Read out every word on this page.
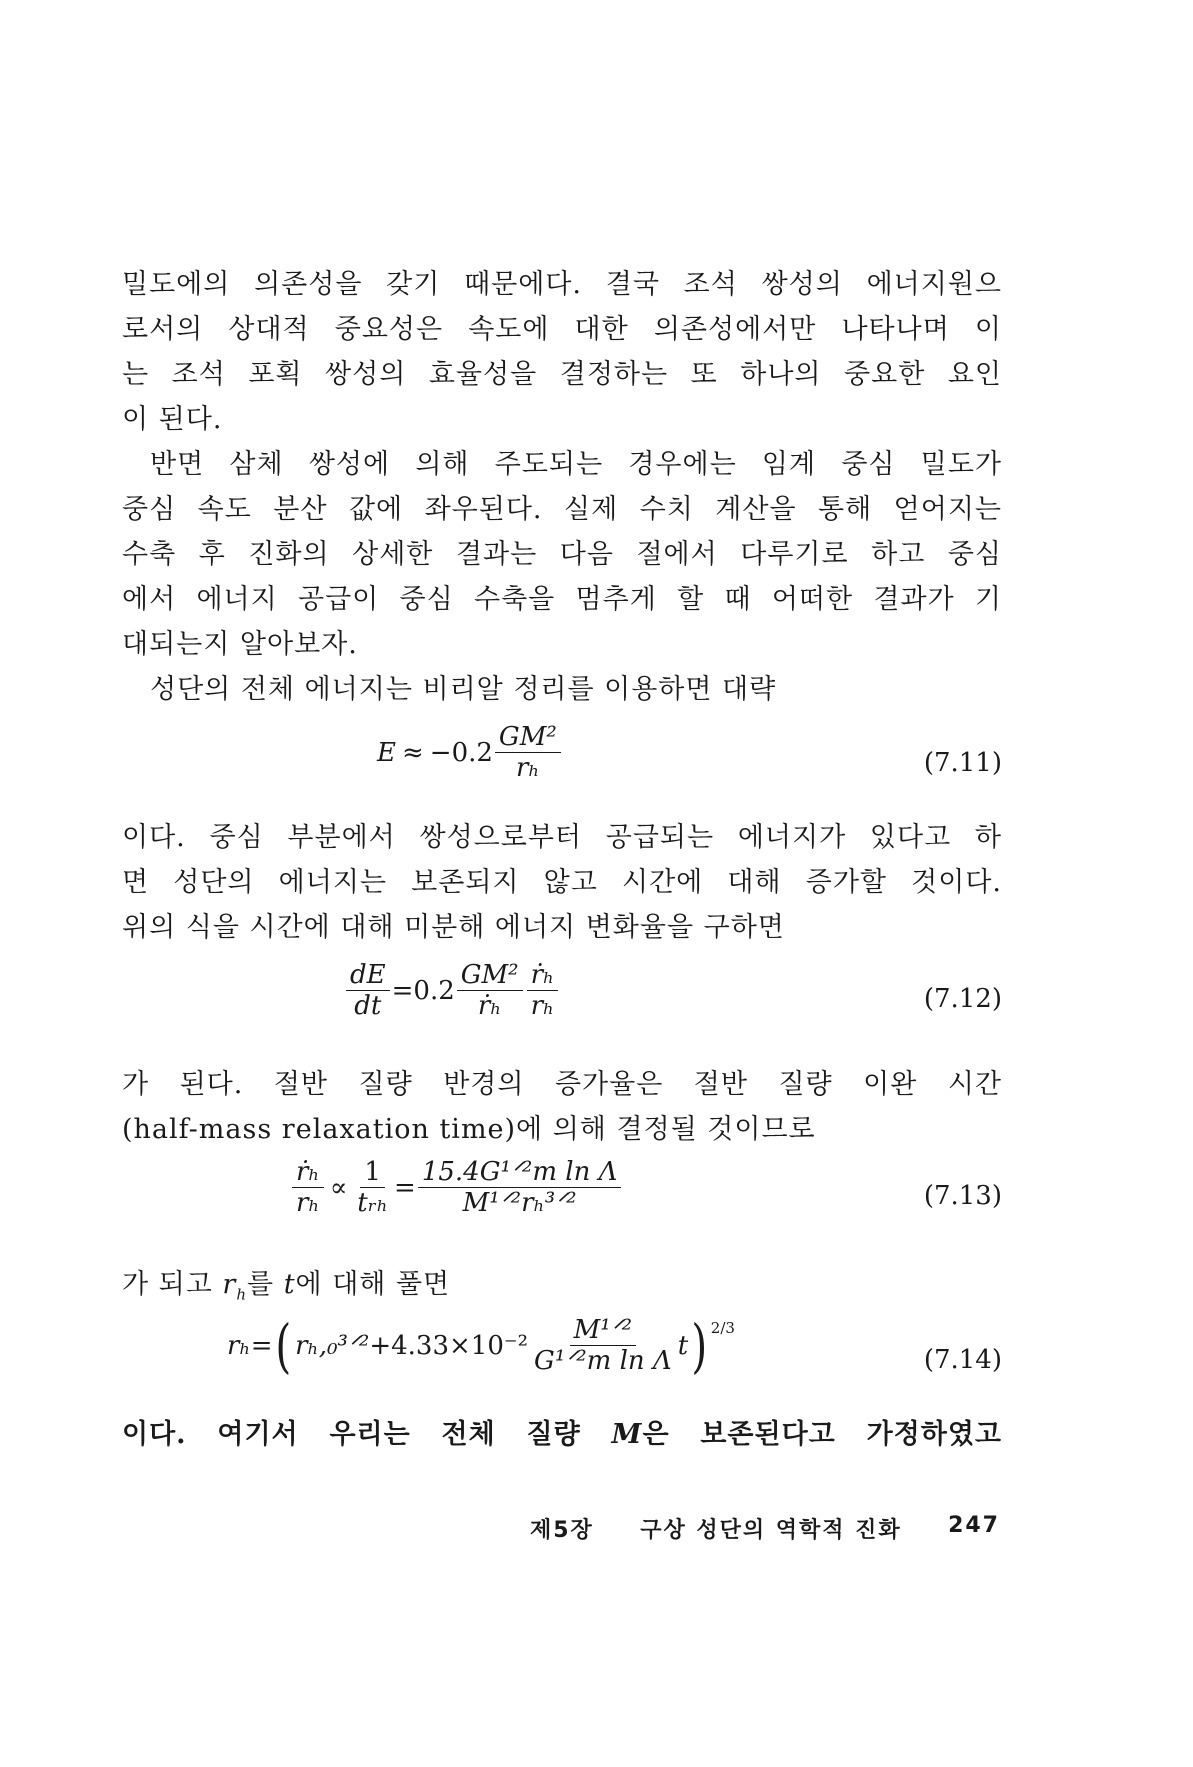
밀도에의 의존성을 갖기 때문에다. 결국 조석 쌍성의 에너지원으
로서의 상대적 중요성은 속도에 대한 의존성에서만 나타나며 이
는 조석 포획 쌍성의 효율성을 결정하는 또 하나의 중요한 요인
이 된다.
반면 삼체 쌍성에 의해 주도되는 경우에는 임계 중심 밀도가
중심 속도 분산 값에 좌우된다. 실제 수치 계산을 통해 얻어지는
수축 후 진화의 상세한 결과는 다음 절에서 다루기로 하고 중심
에서 에너지 공급이 중심 수축을 멈추게 할 때 어떠한 결과가 기
대되는지 알아보자.
성단의 전체 에너지는 비리알 정리를 이용하면 대략
$E \approx -0.2 \frac{\text{GM²}}{\text{rₕ}}$	(7.11)
이다. 중심 부분에서 쌍성으로부터 공급되는 에너지가 있다고 하
면 성단의 에너지는 보존되지 않고 시간에 대해 증가할 것이다.
위의 식을 시간에 대해 미분해 에너지 변화율을 구하면
$\frac{dE}{dt} = 0.2 \frac{\text{GM²}}{\text{ṙₕ}} \frac{\text{ṙₕ}}{\text{rₕ}}$	(7.12)
가 된다. 절반 질량 반경의 증가율은 절반 질량 이완 시간
(half-mass relaxation time)에 의해 결정될 것이므로
$\frac{\text{ṙₕ}}{\text{rₕ}} \propto \frac{1}{\text{tᵣₕ}} = \frac{\text{15.4G¹ᐟ²m ln Λ}}{\text{M¹ᐟ²rₕ³ᐟ²}}$	(7.13)
가 되고 $r_h$를 t에 대해 풀면
rₕ = ( rₕ,₀³ᐟ² $+4.33\times 10^{-2} \frac{\text{M¹ᐟ²}}{\text{G¹ᐟ²m ln Λ}}$ t )$^{2/3}$
(7.14)
이다. 여기서 우리는 전체 질량 M은 보존된다고 가정하였고
제5장 구상 성단의 역학적 진화 247
